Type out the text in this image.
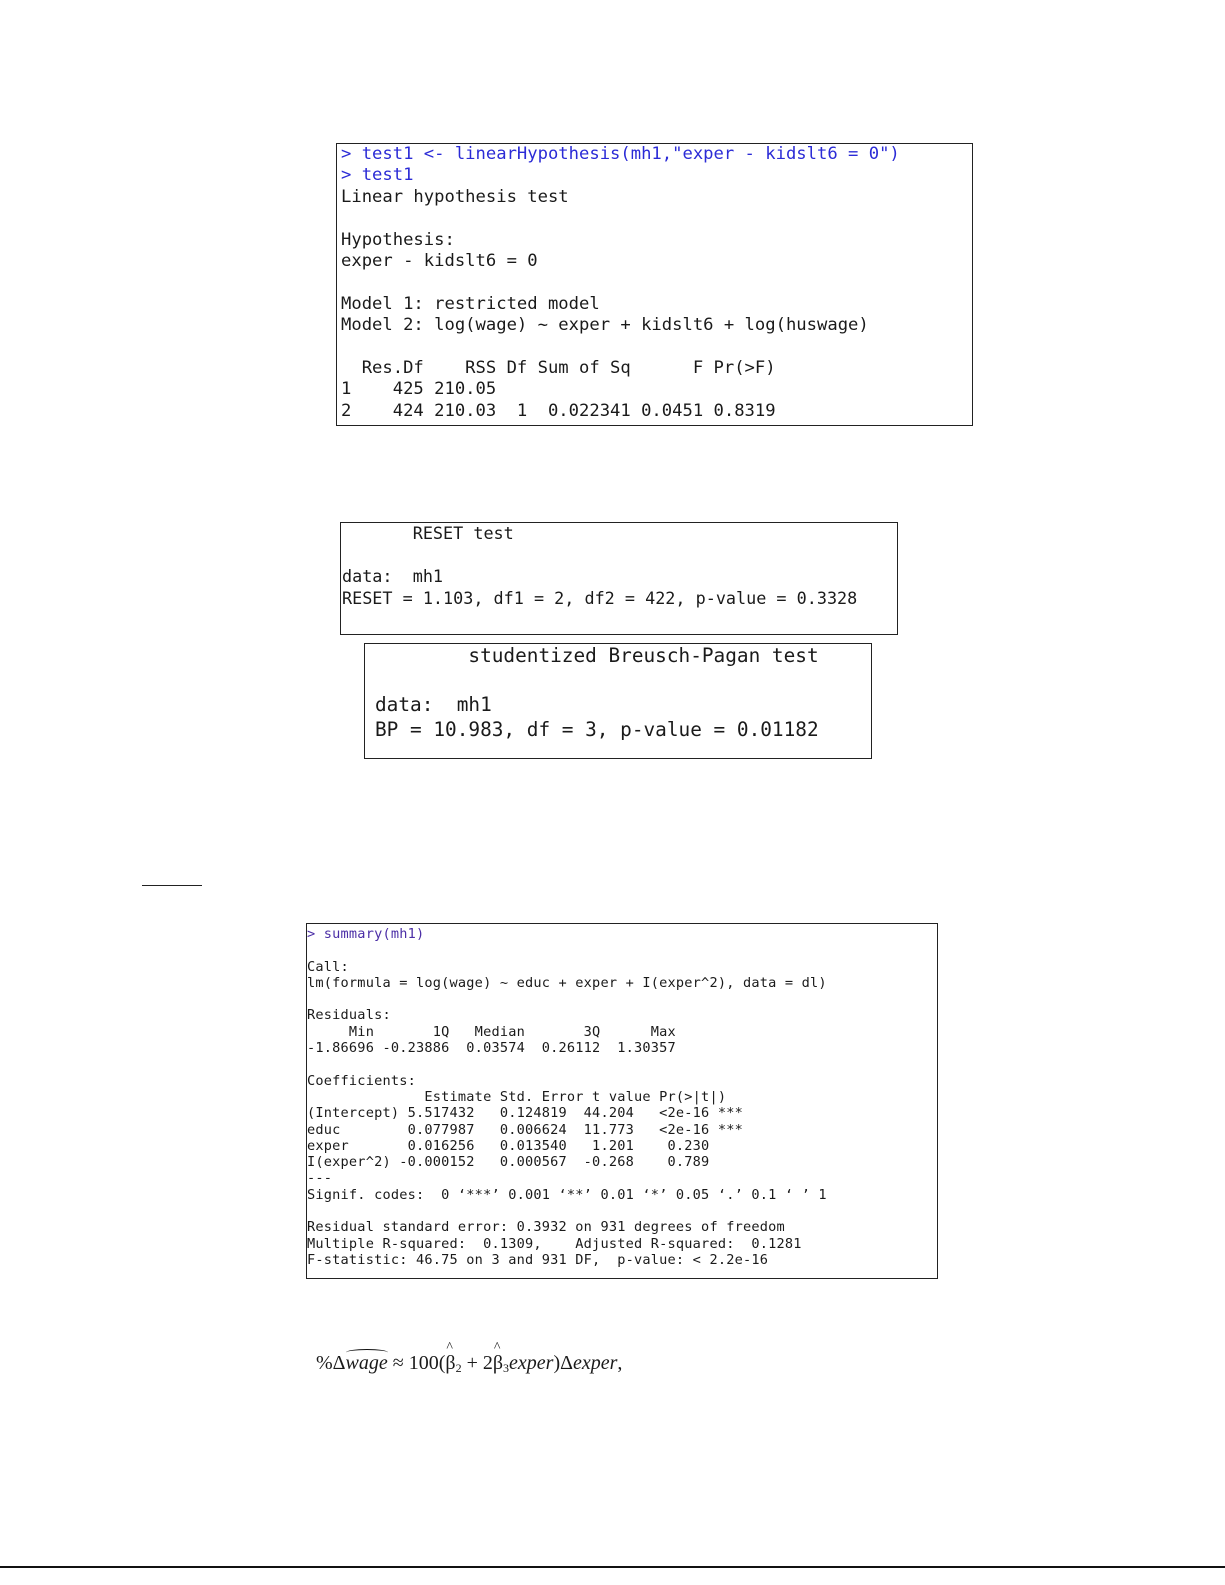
> test1 <- linearHypothesis(mh1,"exper - kidslt6 = 0")
> test1
Linear hypothesis test
Hypothesis:
exper - kidslt6 = 0
Model 1: restricted model
Model 2: log(wage) ~ exper + kidslt6 + log(huswage)
Res.Df    RSS Df Sum of Sq      F Pr(>F)
1    425 210.05
2    424 210.03  1  0.022341 0.0451 0.8319
RESET test
data:  mh1
RESET = 1.103, df1 = 2, df2 = 422, p-value = 0.3328
studentized Breusch-Pagan test
data:  mh1
BP = 10.983, df = 3, p-value = 0.01182
> summary(mh1)
Call:
lm(formula = log(wage) ~ educ + exper + I(exper^2), data = dl)
Residuals:
Min       1Q   Median       3Q      Max
-1.86696 -0.23886  0.03574  0.26112  1.30357
Coefficients:
Estimate Std. Error t value Pr(>|t|)
(Intercept) 5.517432   0.124819  44.204   <2e-16 ***
educ        0.077987   0.006624  11.773   <2e-16 ***
exper       0.016256   0.013540   1.201    0.230
I(exper^2) -0.000152   0.000567  -0.268    0.789
---
Signif. codes:  0 ‘***’ 0.001 ‘**’ 0.01 ‘*’ 0.05 ‘.’ 0.1 ‘ ’ 1
Residual standard error: 0.3932 on 931 degrees of freedom
Multiple R-squared:  0.1309,    Adjusted R-squared:  0.1281
F-statistic: 46.75 on 3 and 931 DF,  p-value: < 2.2e-16
%Δwage ≈ 100(^ $\beta_2$ + 2^ $\beta_3exper)\Delta exper$,
